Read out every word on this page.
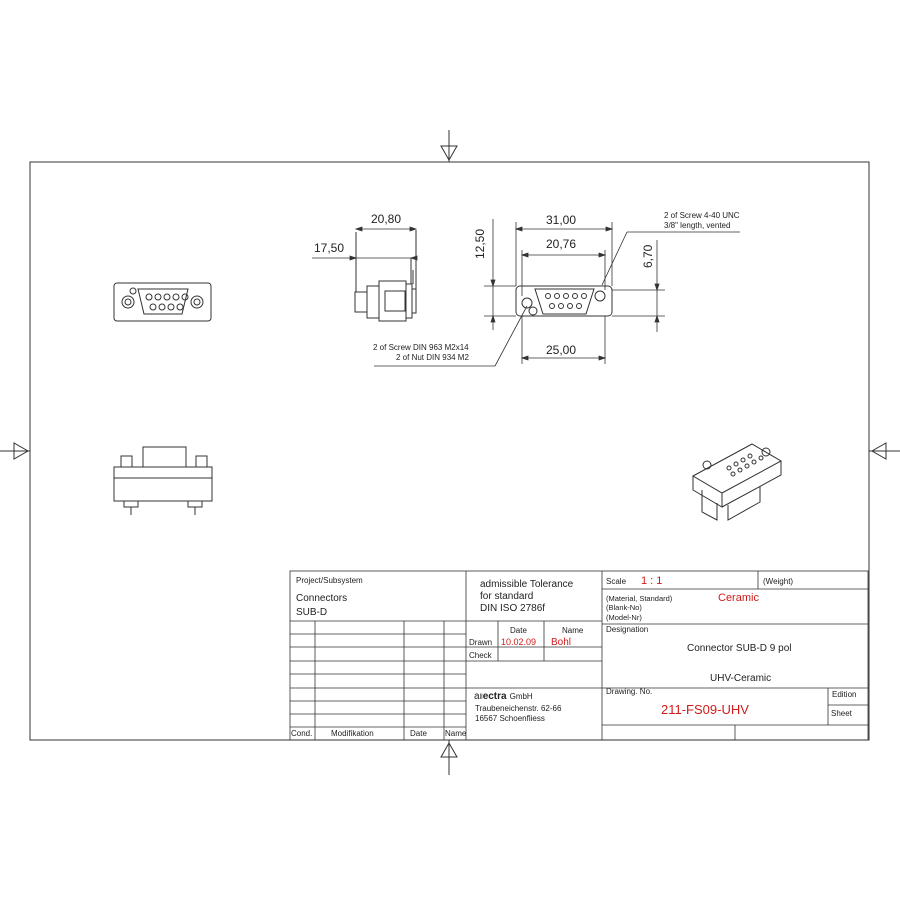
20,80
17,50
31,00
20,76
12,50	6,70
25,00
2 of Screw 4-40 UNC
3/8" length, vented
2 of Screw DIN 963 M2x14
2 of Nut DIN 934 M2
Project/Subsystem
Connectors
SUB-D
admissible Tolerance
for standard
DIN ISO 2786f
Scale 1 : 1	(Weight)
(Material, Standard)	Ceramic
(Blank-No)
(Model-Nr)
Designation
Connector SUB-D 9 pol
UHV-Ceramic
Date	Name
Drawn 10.02.09 Bohl
Check
allectra GmbH
Traubeneichenstr. 62-66
16567 Schoenfliess
Drawing. No.
211-FS09-UHV
Edition
Sheet
Cond. Modifikation	Date Name
